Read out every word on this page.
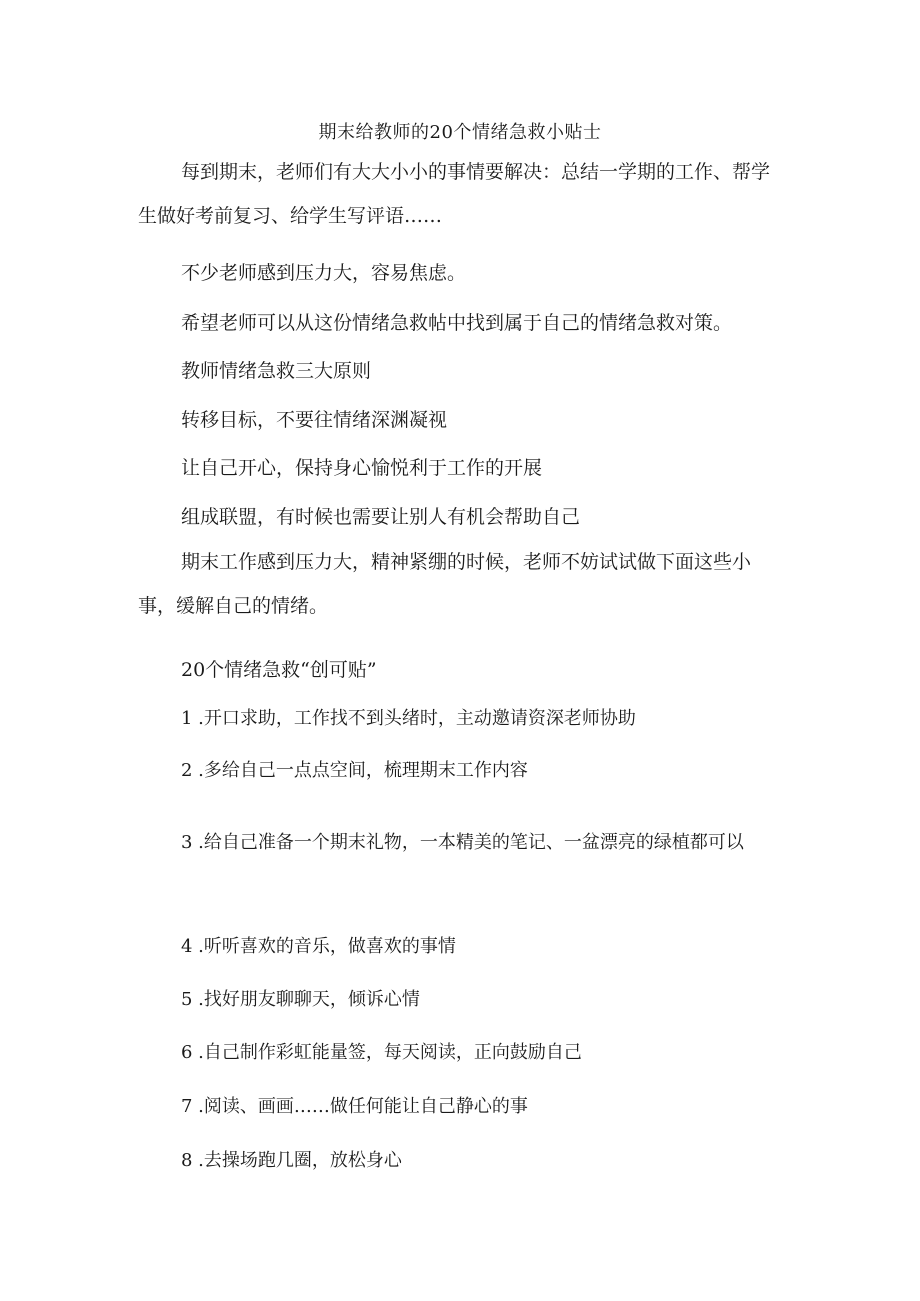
期末给教师的20个情绪急救小贴士

每到期末，老师们有大大小小的事情要解决：总结一学期的工作、帮学生做好考前复习、给学生写评语……

不少老师感到压力大，容易焦虑。
希望老师可以从这份情绪急救帖中找到属于自己的情绪急救对策。
教师情绪急救三大原则
转移目标，不要往情绪深渊凝视
让自己开心，保持身心愉悦利于工作的开展
组成联盟，有时候也需要让别人有机会帮助自己

期末工作感到压力大，精神紧绷的时候，老师不妨试试做下面这些小事，缓解自己的情绪。

20个情绪急救“创可贴”

1 .开口求助，工作找不到头绪时，主动邀请资深老师协助

2 .多给自己一点点空间，梳理期末工作内容

3 .给自己准备一个期末礼物，一本精美的笔记、一盆漂亮的绿植都可以

4 .听听喜欢的音乐，做喜欢的事情

5 .找好朋友聊聊天，倾诉心情

6 .自己制作彩虹能量签，每天阅读，正向鼓励自己

7 .阅读、画画……做任何能让自己静心的事

8 .去操场跑几圈，放松身心
